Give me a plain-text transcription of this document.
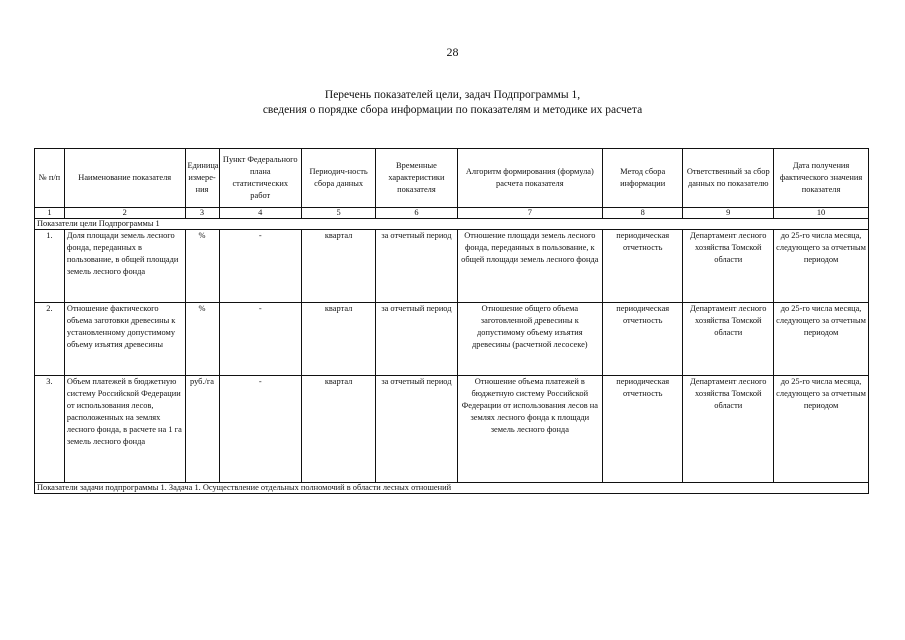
28
Перечень показателей цели, задач Подпрограммы 1,
сведения о порядке сбора информации по показателям и методике их расчета
№ п/п	Наименование показателя	Единица измере-ния	Пункт Федерального плана статистических работ	Периодич-ность сбора данных	Временные характеристики показателя	Алгоритм формирования (формула) расчета показателя	Метод сбора информации	Ответственный за сбор данных по показателю	Дата получения фактического значения показателя
1	2	3	4	5	6	7	8	9	10
Показатели цели Подпрограммы 1									
1.	Доля площади земель лесного фонда, переданных в пользование, в общей площади земель лесного фонда	%	-	квартал	за отчетный период	Отношение площади земель лесного фонда, переданных в пользование, к общей площади земель лесного фонда	периодическая отчетность	Департамент лесного хозяйства Томской области	до 25-го числа месяца, следующего за отчетным периодом
2.	Отношение фактического объема заготовки древесины к установленному допустимому объему изъятия древесины	%	-	квартал	за отчетный период	Отношение общего объема заготовленной древесины к допустимому объему изъятия древесины (расчетной лесосеке)	периодическая отчетность	Департамент лесного хозяйства Томской области	до 25-го числа месяца, следующего за отчетным периодом
3.	Объем платежей в бюджетную систему Российской Федерации от использования лесов, расположенных на землях лесного фонда, в расчете на 1 га земель лесного фонда	руб./га	-	квартал	за отчетный период	Отношение объема платежей в бюджетную систему Российской Федерации от использования лесов на землях лесного фонда к площади земель лесного фонда	периодическая отчетность	Департамент лесного хозяйства Томской области	до 25-го числа месяца, следующего за отчетным периодом
Показатели задачи подпрограммы 1. Задача 1. Осуществление отдельных полномочий в области лесных отношений									
